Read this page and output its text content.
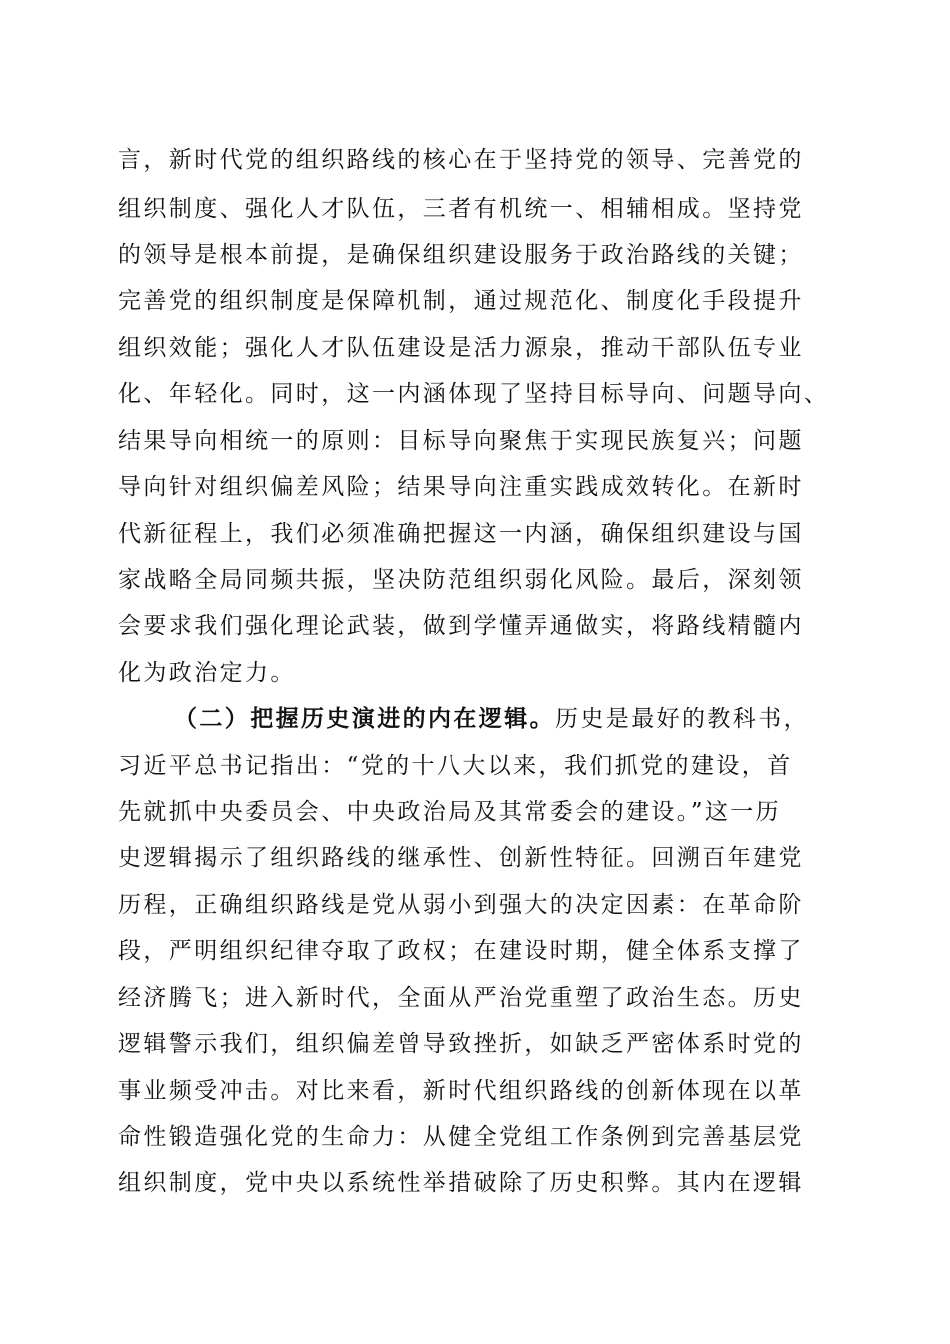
言，新时代党的组织路线的核心在于坚持党的领导、完善党的
组织制度、强化人才队伍，三者有机统一、相辅相成。坚持党
的领导是根本前提，是确保组织建设服务于政治路线的关键；
完善党的组织制度是保障机制，通过规范化、制度化手段提升
组织效能；强化人才队伍建设是活力源泉，推动干部队伍专业
化、年轻化。同时，这一内涵体现了坚持目标导向、问题导向、
结果导向相统一的原则：目标导向聚焦于实现民族复兴；问题
导向针对组织偏差风险；结果导向注重实践成效转化。在新时
代新征程上，我们必须准确把握这一内涵，确保组织建设与国
家战略全局同频共振，坚决防范组织弱化风险。最后，深刻领
会要求我们强化理论武装，做到学懂弄通做实，将路线精髓内
化为政治定力。
（二）把握历史演进的内在逻辑。历史是最好的教科书，
习近平总书记指出：“党的十八大以来，我们抓党的建设，首
先就抓中央委员会、中央政治局及其常委会的建设。”这一历
史逻辑揭示了组织路线的继承性、创新性特征。回溯百年建党
历程，正确组织路线是党从弱小到强大的决定因素：在革命阶
段，严明组织纪律夺取了政权；在建设时期，健全体系支撑了
经济腾飞；进入新时代，全面从严治党重塑了政治生态。历史
逻辑警示我们，组织偏差曾导致挫折，如缺乏严密体系时党的
事业频受冲击。对比来看，新时代组织路线的创新体现在以革
命性锻造强化党的生命力：从健全党组工作条例到完善基层党
组织制度，党中央以系统性举措破除了历史积弊。其内在逻辑
